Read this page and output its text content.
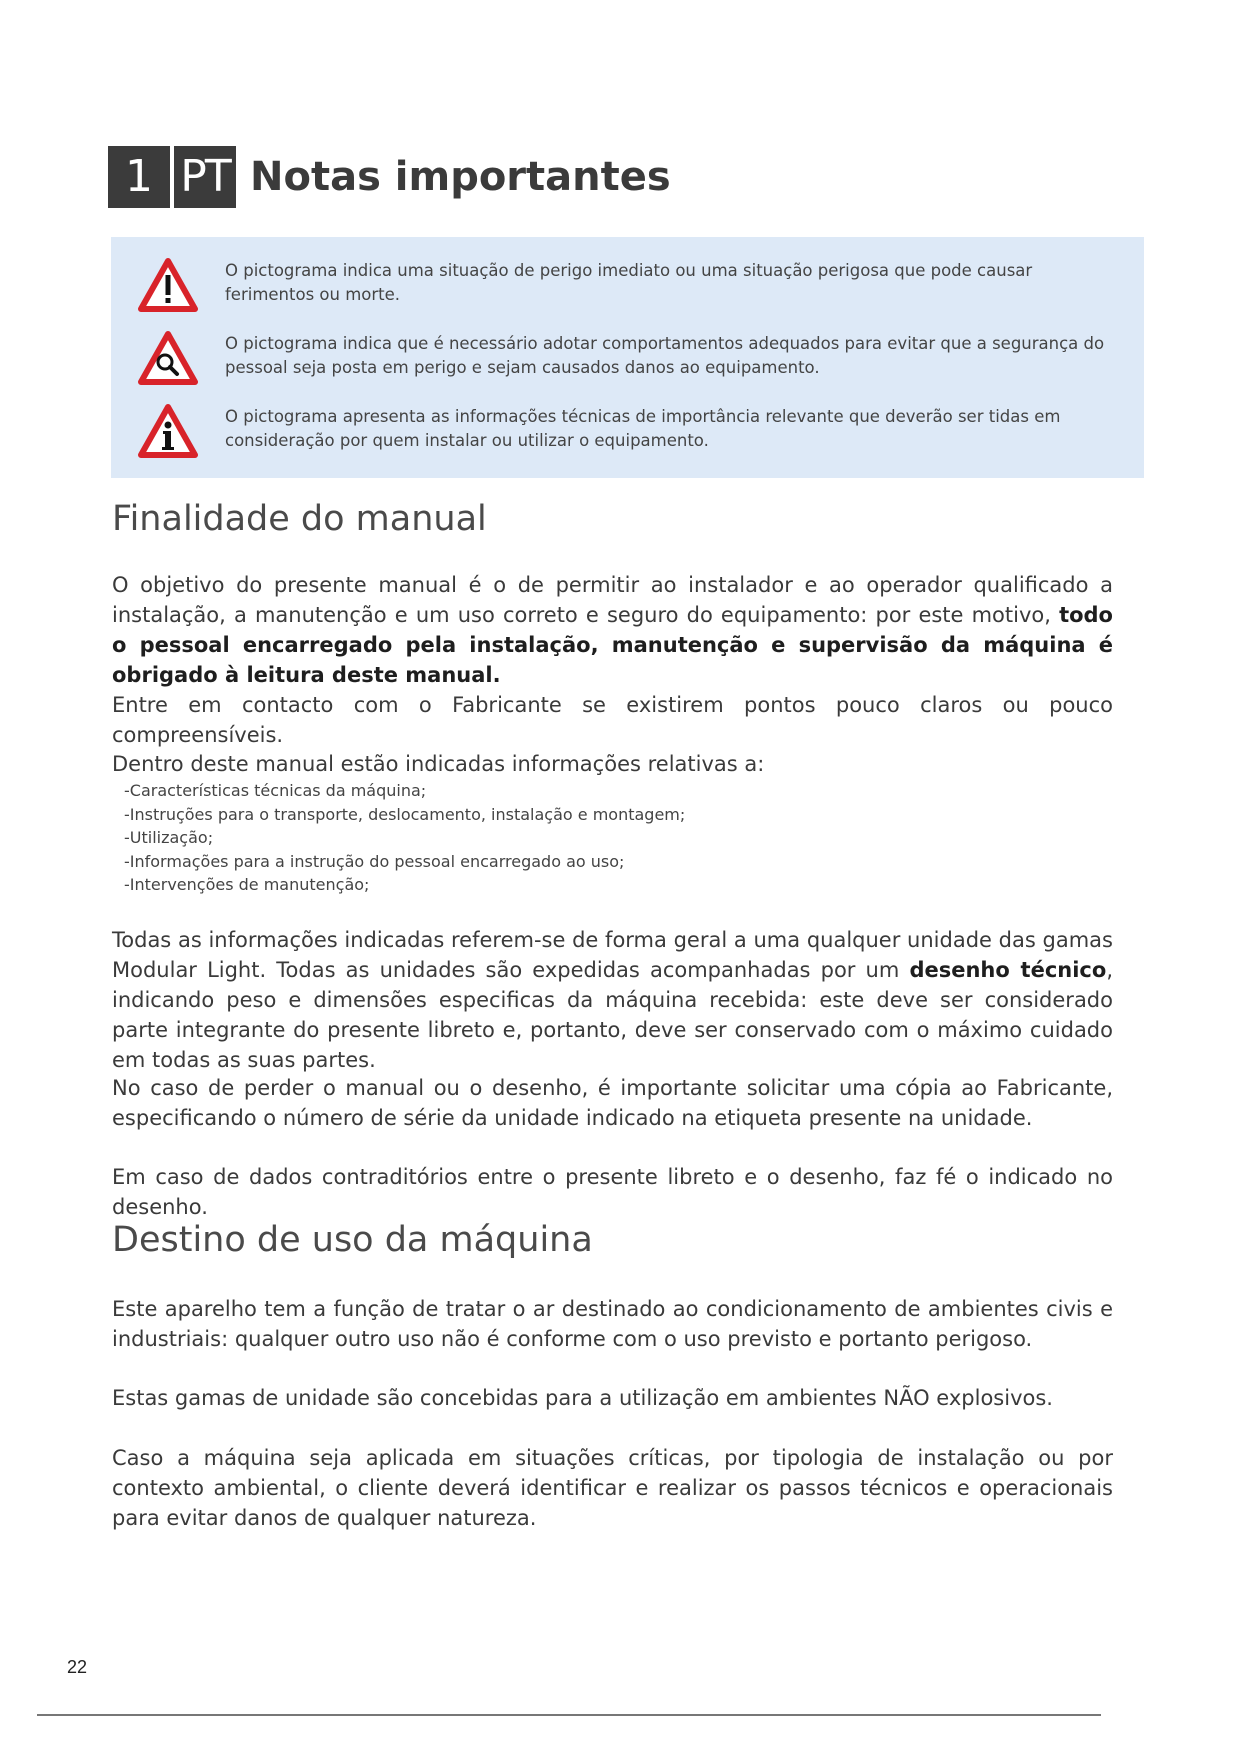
1 PT Notas importantes

O pictograma indica uma situação de perigo imediato ou uma situação perigosa que pode causar ferimentos ou morte.

O pictograma indica que é necessário adotar comportamentos adequados para evitar que a segurança do pessoal seja posta em perigo e sejam causados danos ao equipamento.

O pictograma apresenta as informações técnicas de importância relevante que deverão ser tidas em consideração por quem instalar ou utilizar o equipamento.

Finalidade do manual

O objetivo do presente manual é o de permitir ao instalador e ao operador qualificado a instalação, a manutenção e um uso correto e seguro do equipamento: por este motivo, todo o pessoal encarregado pela instalação, manutenção e supervisão da máquina é obrigado à leitura deste manual.
Entre em contacto com o Fabricante se existirem pontos pouco claros ou pouco compreensíveis.

Dentro deste manual estão indicadas informações relativas a:

-Características técnicas da máquina;
-Instruções para o transporte, deslocamento, instalação e montagem;
-Utilização;
-Informações para a instrução do pessoal encarregado ao uso;
-Intervenções de manutenção;

Todas as informações indicadas referem-se de forma geral a uma qualquer unidade das gamas Modular Light. Todas as unidades são expedidas acompanhadas por um desenho técnico, indicando peso e dimensões especificas da máquina recebida: este deve ser considerado parte integrante do presente libreto e, portanto, deve ser conservado com o máximo cuidado em todas as suas partes.

No caso de perder o manual ou o desenho, é importante solicitar uma cópia ao Fabricante, especificando o número de série da unidade indicado na etiqueta presente na unidade.

Em caso de dados contraditórios entre o presente libreto e o desenho, faz fé o indicado no desenho.

Destino de uso da máquina

Este aparelho tem a função de tratar o ar destinado ao condicionamento de ambientes civis e industriais: qualquer outro uso não é conforme com o uso previsto e portanto perigoso.

Estas gamas de unidade são concebidas para a utilização em ambientes NÃO explosivos.

Caso a máquina seja aplicada em situações críticas, por tipologia de instalação ou por contexto ambiental, o cliente deverá identificar e realizar os passos técnicos e operacionais para evitar danos de qualquer natureza.

22
